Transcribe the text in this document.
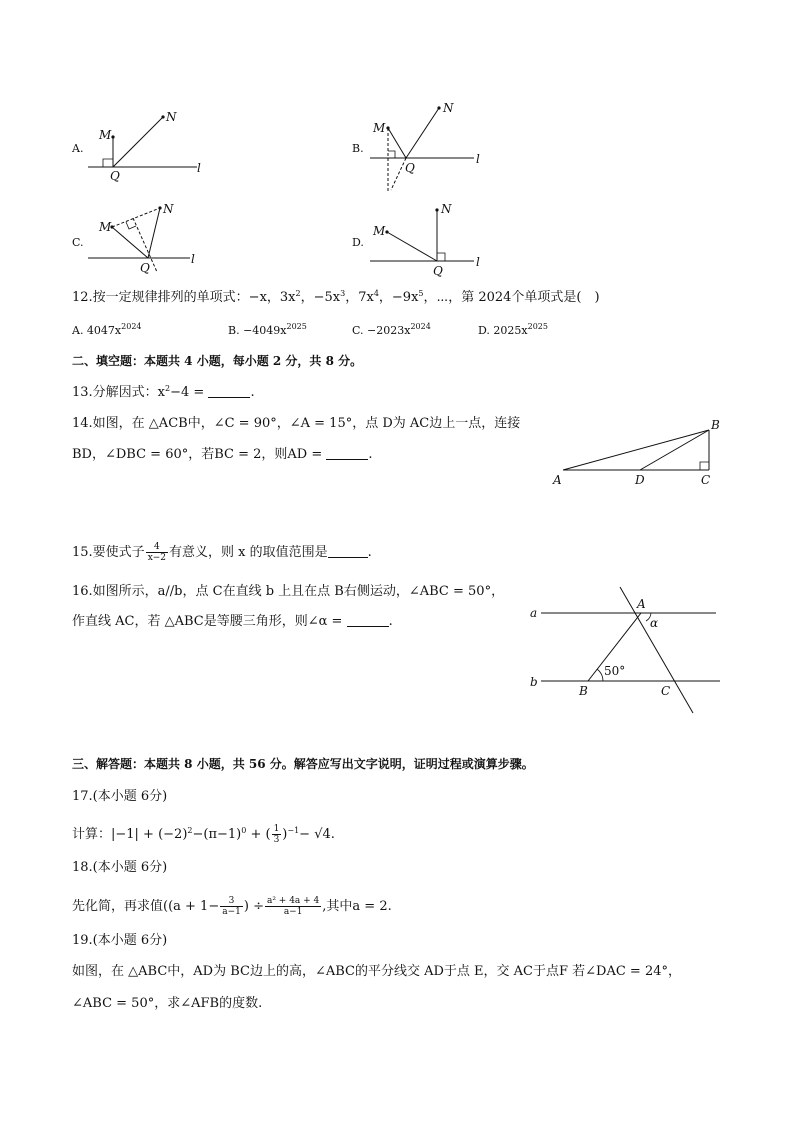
A.
M
N
Q
l
B.
M
N
Q
l
C.
M
N
Q
l
D.
M
N
Q
l
12.按一定规律排列的单项式：−x，$3x^2$，$-5x^3$，$7x^4$，$-9x^5$，⋯，第 2024个单项式是(　)
A. $4047x^{2024}$	B. $-4049x^{2025}$	C. $-2023x^{2024}$	D. $2025x^{2025}$
二、填空题：本题共 4 小题，每小题 2 分，共 8 分。
13.分解因式：$x^2-4$ =	.
14.如图，在 △ACB中，∠C = 90°，∠A = 15°，点 D为 AC边上一点，连接
BD，∠DBC = 60°，若BC = 2，则AD =	.
A
B
C
D
15.要使式子 $\frac{4}{x-2}$ 有意义，则 x 的取值范围是	.
16.如图所示，a//b，点 C在直线 b 上且在点 B右侧运动，∠ABC = 50°，
作直线 AC，若 △ABC是等腰三角形，则∠α =	.
a
b
A
B	C
α
50°
三、解答题：本题共 8 小题，共 56 分。解答应写出文字说明，证明过程或演算步骤。
17.(本小题 6分)
计算：$|-1| + (-2)^2-(\pi-1)^0$ + ( $\frac{1}{3} )^{-1}- √4$.
18.(本小题 6分)
先化简，再求值(($a + 1- \frac{3}{a-1}$ ) ÷ $\frac{\text{a² + 4a + 4}}{a-1}$ ,其中a = 2.
19.(本小题 6分)
如图，在 △ABC中，AD为 BC边上的高，∠ABC的平分线交 AD于点 E，交 AC于点F 若∠DAC = 24°，
∠ABC = 50°，求∠AFB的度数.
